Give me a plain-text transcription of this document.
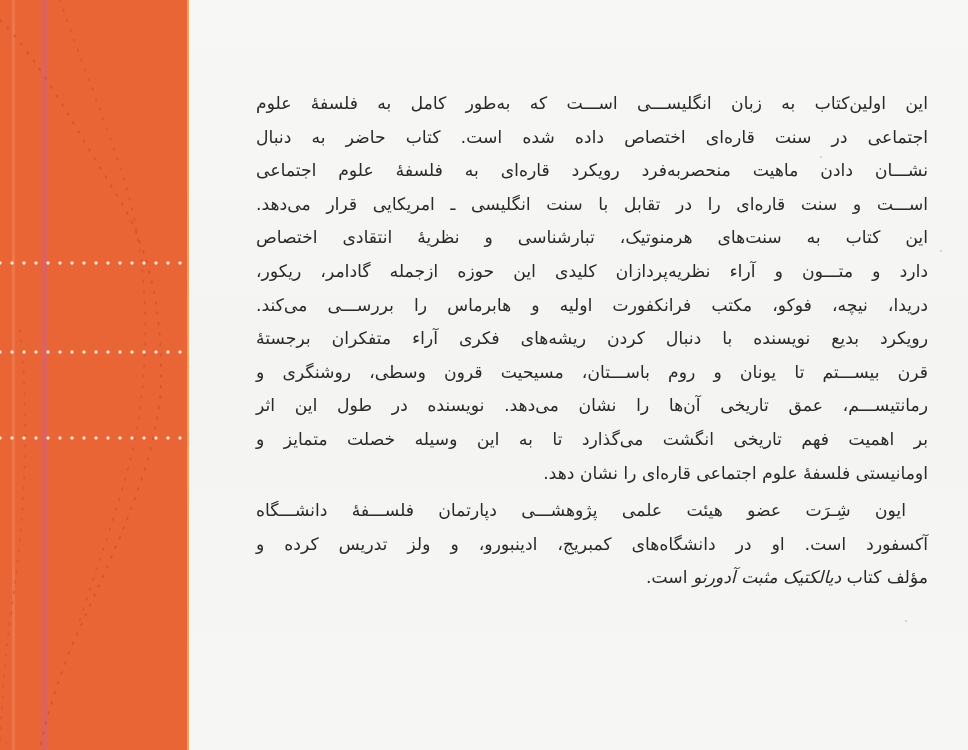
این اولین‌کتاب به زبان انگلیســـی اســـت که به‌طور کامل به فلسفهٔ علوم
اجتماعی در سنت قاره‌ای اختصاص داده شده است. کتاب حاضر به دنبال
نشـــان دادن ماهیت منحصربه‌فرد رویکرد قاره‌ای به فلسفهٔ علوم اجتماعی
اســـت و سنت قاره‌ای را در تقابل با سنت انگلیسی ـ امریکایی قرار می‌دهد.
این کتاب به سنت‌های هرمنوتیک، تبارشناسی و نظریهٔ انتقادی اختصاص
دارد و متـــون و آراء نظریه‌پردازان کلیدی این حوزه ازجمله گادامر، ریکور،
دریدا، نیچه، فوکو، مکتب فرانکفورت اولیه و هابرماس را بررســـی می‌کند.
رویکرد بدیع نویسنده با دنبال کردن ریشه‌های فکری آراء متفکران برجستهٔ
قرن بیســـتم تا یونان و روم باســـتان، مسیحیت قرون وسطی، روشنگری و
رمانتیســـم، عمق تاریخی آن‌ها را نشان می‌دهد. نویسنده در طول این اثر
بر اهمیت فهم تاریخی انگشت می‌گذارد تا به این وسیله خصلت متمایز و
اومانیستی فلسفهٔ علوم اجتماعی قاره‌ای را نشان دهد.
ایون شِـرَت عضو هیئت علمی پژوهشـــی دپارتمان فلســـفهٔ دانشـــگاه
آکسفورد است. او در دانشگاه‌های کمبریج، ادینبورو، و ولز تدریس کرده و
مؤلف کتاب دیالکتیک مثبت آدورنو است.
